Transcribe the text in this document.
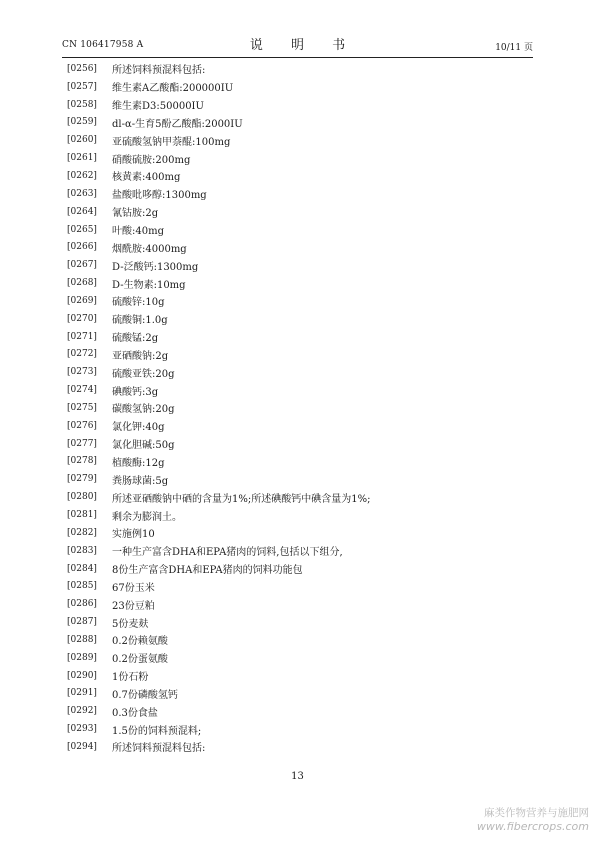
CN 106417958 A	说 明 书	10/11 页
[0256]	所述饲料预混料包括:
[0257]	维生素A乙酸酯:200000IU
[0258]	维生素D3:50000IU
[0259]	dl-α-生育5酚乙酸酯:2000IU
[0260]	亚硫酸氢钠甲萘醌:100mg
[0261]	硝酸硫胺:200mg
[0262]	核黄素:400mg
[0263]	盐酸吡哆醇:1300mg
[0264]	氰钴胺:2g
[0265]	叶酸:40mg
[0266]	烟酰胺:4000mg
[0267]	D-泛酸钙:1300mg
[0268]	D-生物素:10mg
[0269]	硫酸锌:10g
[0270]	硫酸铜:1.0g
[0271]	硫酸锰:2g
[0272]	亚硒酸钠:2g
[0273]	硫酸亚铁:20g
[0274]	碘酸钙:3g
[0275]	碳酸氢钠:20g
[0276]	氯化钾:40g
[0277]	氯化胆碱:50g
[0278]	植酸酶:12g
[0279]	粪肠球菌:5g
[0280]	所述亚硒酸钠中硒的含量为1%;所述碘酸钙中碘含量为1%;
[0281]	剩余为膨润土。
[0282]	实施例10
[0283]	一种生产富含DHA和EPA猪肉的饲料,包括以下组分,
[0284]	8份生产富含DHA和EPA猪肉的饲料功能包
[0285]	67份玉米
[0286]	23份豆粕
[0287]	5份麦麸
[0288]	0.2份赖氨酸
[0289]	0.2份蛋氨酸
[0290]	1份石粉
[0291]	0.7份磷酸氢钙
[0292]	0.3份食盐
[0293]	1.5份的饲料预混料;
[0294]	所述饲料预混料包括:
13
麻类作物营养与施肥网
www.fibercrops.com
